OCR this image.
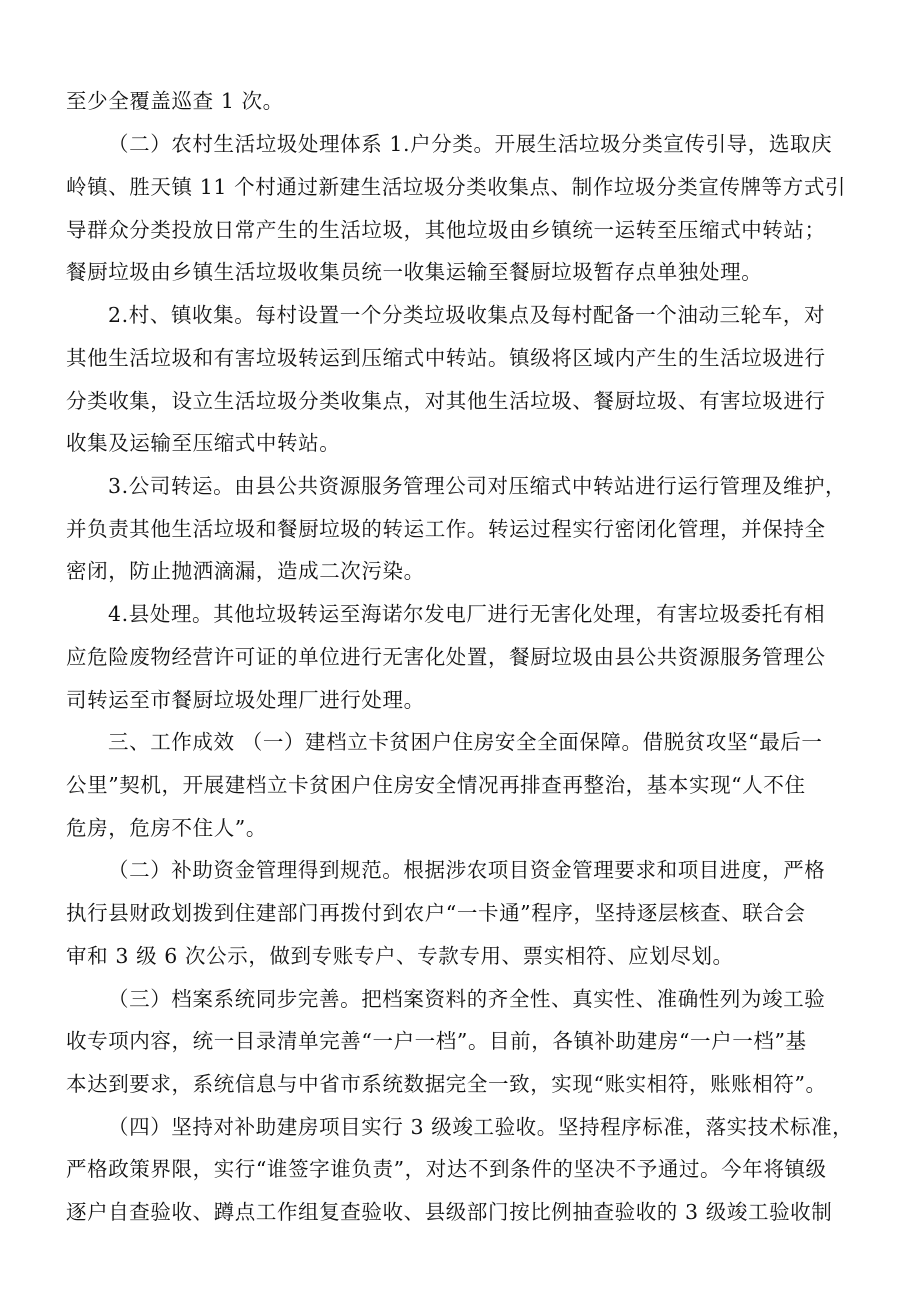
至少全覆盖巡查 1 次。
（二）农村生活垃圾处理体系 1.户分类。开展生活垃圾分类宣传引导，选取庆
岭镇、胜天镇 11 个村通过新建生活垃圾分类收集点、制作垃圾分类宣传牌等方式引
导群众分类投放日常产生的生活垃圾，其他垃圾由乡镇统一运转至压缩式中转站；
餐厨垃圾由乡镇生活垃圾收集员统一收集运输至餐厨垃圾暂存点单独处理。
2.村、镇收集。每村设置一个分类垃圾收集点及每村配备一个油动三轮车，对
其他生活垃圾和有害垃圾转运到压缩式中转站。镇级将区域内产生的生活垃圾进行
分类收集，设立生活垃圾分类收集点，对其他生活垃圾、餐厨垃圾、有害垃圾进行
收集及运输至压缩式中转站。
3.公司转运。由县公共资源服务管理公司对压缩式中转站进行运行管理及维护，
并负责其他生活垃圾和餐厨垃圾的转运工作。转运过程实行密闭化管理，并保持全
密闭，防止抛洒滴漏，造成二次污染。
4.县处理。其他垃圾转运至海诺尔发电厂进行无害化处理，有害垃圾委托有相
应危险废物经营许可证的单位进行无害化处置，餐厨垃圾由县公共资源服务管理公
司转运至市餐厨垃圾处理厂进行处理。
三、工作成效 （一）建档立卡贫困户住房安全全面保障。借脱贫攻坚“最后一
公里”契机，开展建档立卡贫困户住房安全情况再排查再整治，基本实现“人不住
危房，危房不住人”。
（二）补助资金管理得到规范。根据涉农项目资金管理要求和项目进度，严格
执行县财政划拨到住建部门再拨付到农户“一卡通”程序，坚持逐层核查、联合会
审和 3 级 6 次公示，做到专账专户、专款专用、票实相符、应划尽划。
（三）档案系统同步完善。把档案资料的齐全性、真实性、准确性列为竣工验
收专项内容，统一目录清单完善“一户一档”。目前，各镇补助建房“一户一档”基
本达到要求，系统信息与中省市系统数据完全一致，实现“账实相符，账账相符”。
（四）坚持对补助建房项目实行 3 级竣工验收。坚持程序标准，落实技术标准，
严格政策界限，实行“谁签字谁负责”，对达不到条件的坚决不予通过。今年将镇级
逐户自查验收、蹲点工作组复查验收、县级部门按比例抽查验收的 3 级竣工验收制
